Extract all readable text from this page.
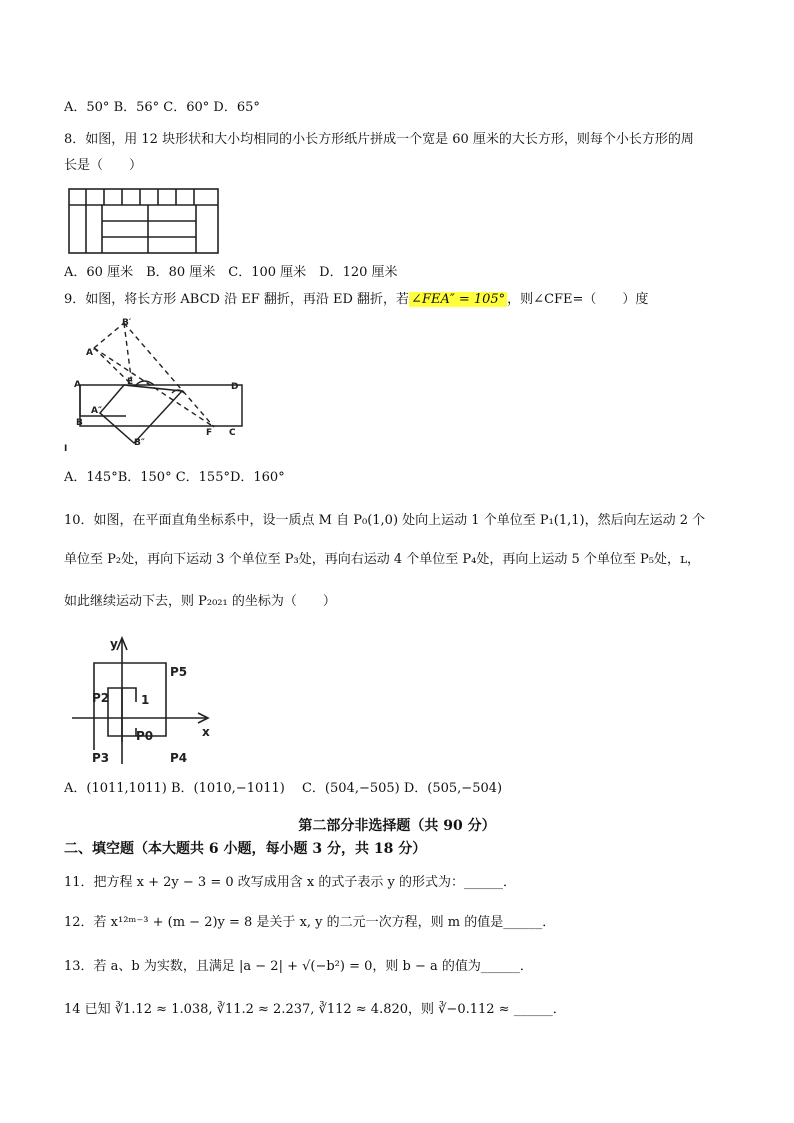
A．50° B．56° C．60° D．65°
8．如图，用 12 块形状和大小均相同的小长方形纸片拼成一个宽是 60 厘米的大长方形，则每个小长方形的周
长是（　　）
A．60 厘米　B．80 厘米　C．100 厘米　D．120 厘米
9．如图，将长方形 ABCD 沿 EF 翻折，再沿 ED 翻折，若 ∠FEA″ = 105° ，则∠CFE=（　　）度
B′
A′
A	E	D
A″
B
B″
F C
I
A．145°B．150° C．155°D．160°
10．如图，在平面直角坐标系中，设一质点 M 自 P₀(1,0) 处向上运动 1 个单位至 P₁(1,1)，然后向左运动 2 个
单位至 P₂处，再向下运动 3 个单位至 P₃处，再向右运动 4 个单位至 P₄处，再向上运动 5 个单位至 P₅处，ʟ，
如此继续运动下去，则 P₂₀₂₁ 的坐标为（　　）
y
x
P5
P2	1
P0
P3	P4
A．(1011,1011) B．(1010,−1011)　 C．(504,−505) D．(505,−504)
第二部分非选择题（共 90 分）
二、填空题（本大题共 6 小题，每小题 3 分，共 18 分）
11．把方程 x + 2y − 3 = 0 改写成用含 x 的式子表示 y 的形式为：______．
12．若 x¹²ᵐ⁻³ + (m − 2)y = 8 是关于 x, y 的二元一次方程，则 m 的值是______．
13．若 a、b 为实数，且满足 |a − 2| + √(−b²) = 0，则 b − a 的值为______．
14 已知 ∛1.12 ≈ 1.038, ∛11.2 ≈ 2.237, ∛112 ≈ 4.820，则 ∛−0.112 ≈ ______．
